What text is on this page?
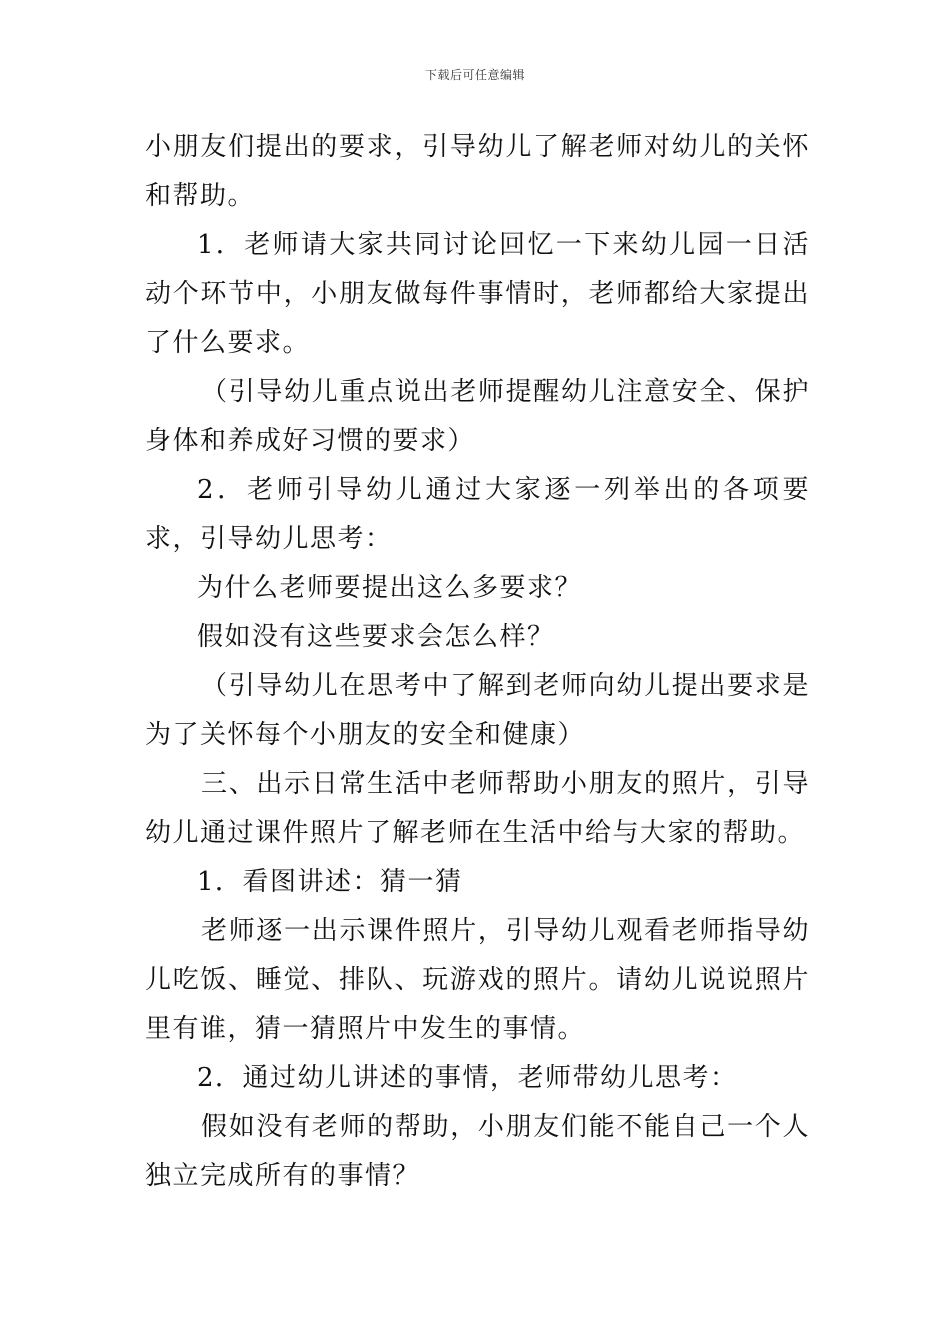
下载后可任意编辑

小朋友们提出的要求，引导幼儿了解老师对幼儿的关怀和帮助。

1．老师请大家共同讨论回忆一下来幼儿园一日活动个环节中，小朋友做每件事情时，老师都给大家提出了什么要求。

（引导幼儿重点说出老师提醒幼儿注意安全、保护身体和养成好习惯的要求）

2．老师引导幼儿通过大家逐一列举出的各项要求，引导幼儿思考：

为什么老师要提出这么多要求？

假如没有这些要求会怎么样？

（引导幼儿在思考中了解到老师向幼儿提出要求是为了关怀每个小朋友的安全和健康）

三、出示日常生活中老师帮助小朋友的照片，引导幼儿通过课件照片了解老师在生活中给与大家的帮助。

1．看图讲述：猜一猜

老师逐一出示课件照片，引导幼儿观看老师指导幼儿吃饭、睡觉、排队、玩游戏的照片。请幼儿说说照片里有谁，猜一猜照片中发生的事情。

2．通过幼儿讲述的事情，老师带幼儿思考：

假如没有老师的帮助，小朋友们能不能自己一个人独立完成所有的事情？
